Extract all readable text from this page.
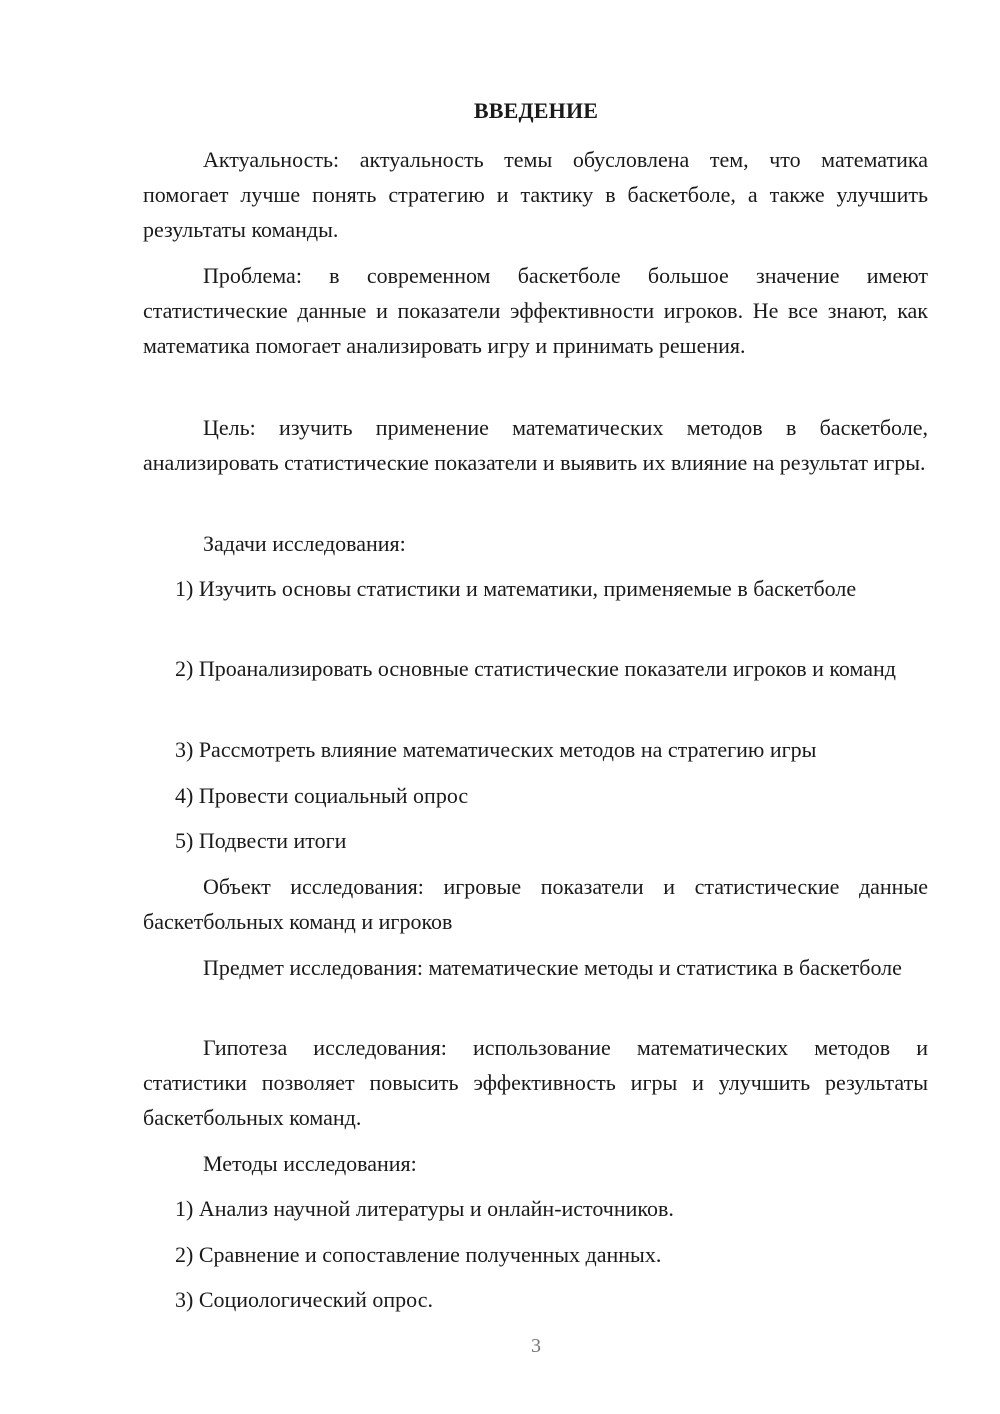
ВВЕДЕНИЕ

Актуальность: актуальность темы обусловлена тем, что математика помогает лучше понять стратегию и тактику в баскетболе, а также улучшить результаты команды.

Проблема: в современном баскетболе большое значение имеют статистические данные и показатели эффективности игроков. Не все знают, как математика помогает анализировать игру и принимать решения.

Цель: изучить применение математических методов в баскетболе, анализировать статистические показатели и выявить их влияние на результат игры.

Задачи исследования:

1) Изучить основы статистики и математики, применяемые в баскетболе

2) Проанализировать основные статистические показатели игроков и команд

3) Рассмотреть влияние математических методов на стратегию игры

4) Провести социальный опрос

5) Подвести итоги

Объект исследования: игровые показатели и статистические данные баскетбольных команд и игроков

Предмет исследования: математические методы и статистика в баскетболе

Гипотеза исследования: использование математических методов и статистики позволяет повысить эффективность игры и улучшить результаты баскетбольных команд.

Методы исследования:

1) Анализ научной литературы и онлайн-источников.

2) Сравнение и сопоставление полученных данных.

3) Социологический опрос.

3
